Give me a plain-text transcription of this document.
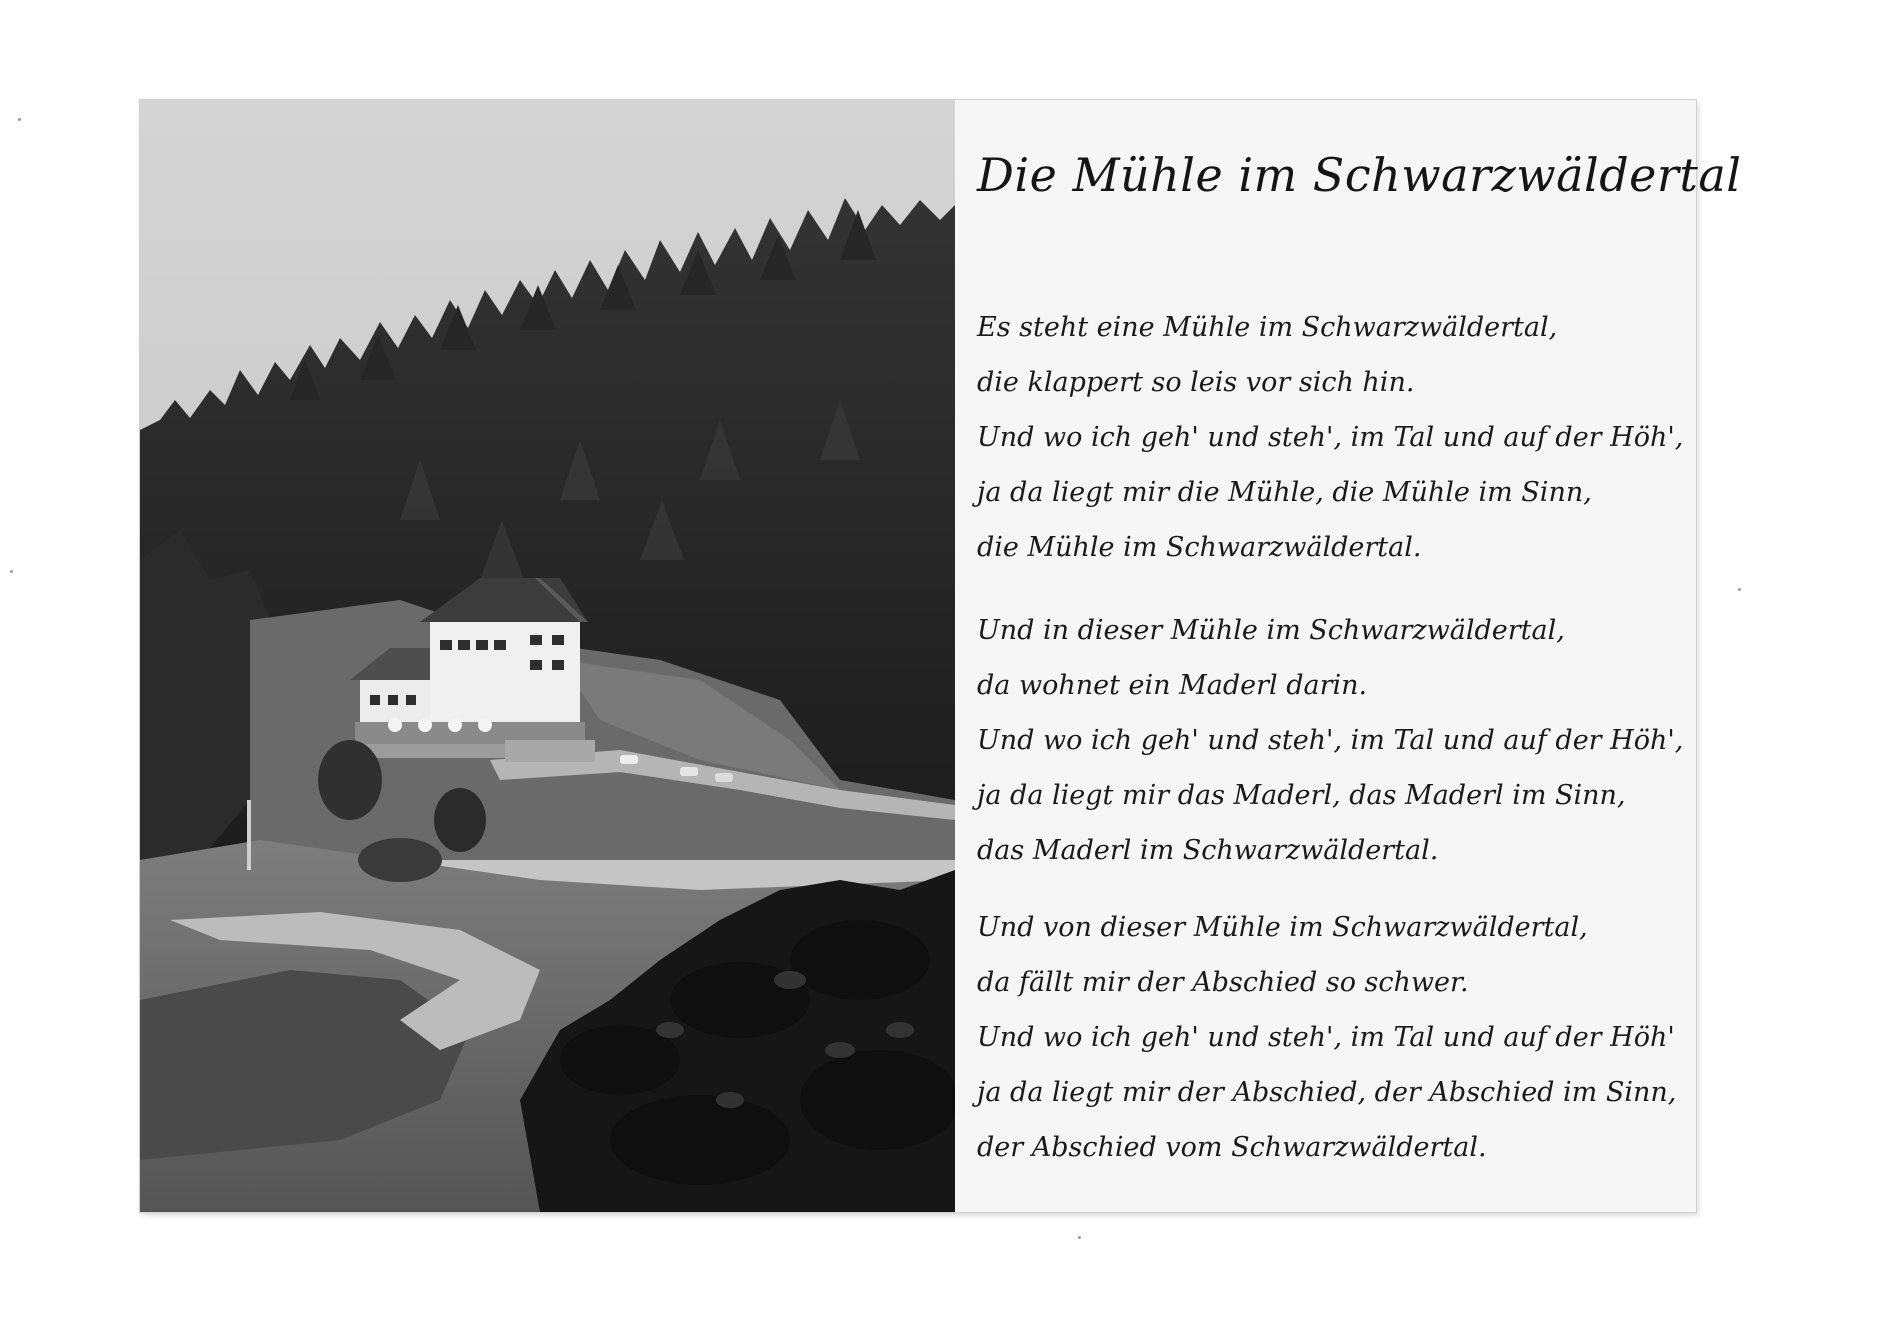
Die Mühle im Schwarzwäldertal
Es steht eine Mühle im Schwarzwäldertal,
die klappert so leis vor sich hin.
Und wo ich geh' und steh', im Tal und auf der Höh',
ja da liegt mir die Mühle, die Mühle im Sinn,
die Mühle im Schwarzwäldertal.
Und in dieser Mühle im Schwarzwäldertal,
da wohnet ein Maderl darin.
Und wo ich geh' und steh', im Tal und auf der Höh',
ja da liegt mir das Maderl, das Maderl im Sinn,
das Maderl im Schwarzwäldertal.
Und von dieser Mühle im Schwarzwäldertal,
da fällt mir der Abschied so schwer.
Und wo ich geh' und steh', im Tal und auf der Höh'
ja da liegt mir der Abschied, der Abschied im Sinn,
der Abschied vom Schwarzwäldertal.
